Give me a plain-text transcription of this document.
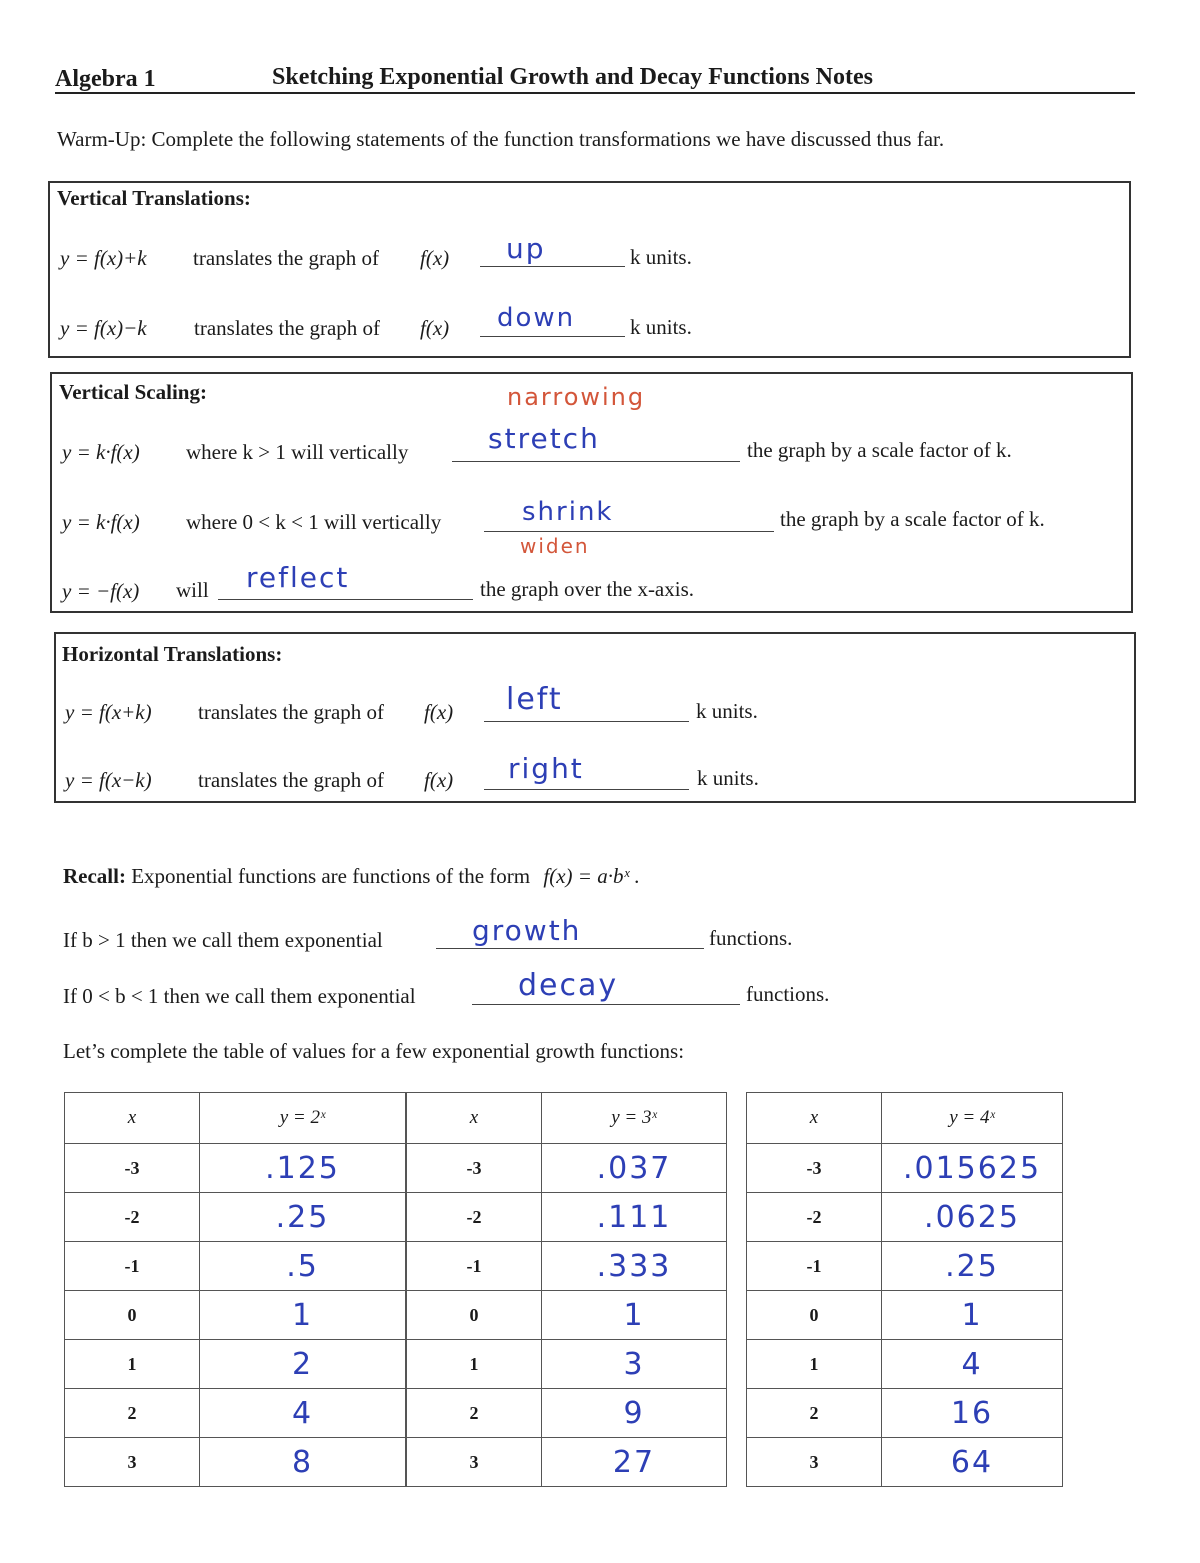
Algebra 1	Sketching Exponential Growth and Decay Functions Notes
Warm-Up: Complete the following statements of the function transformations we have discussed thus far.
Vertical Translations:
y = f(x)+k translates the graph of f(x) up	k units.
y = f(x)−k translates the graph of f(x) down	k units.
Vertical Scaling:	narrowing
y = k·f(x) where k > 1 will vertically	stretch	the graph by a scale factor of k.
y = k·f(x) where 0 < k < 1 will vertically	shrink
widen
the graph by a scale factor of k.
y = −f(x) will reflect	the graph over the x-axis.
Horizontal Translations:
y = f(x+k) translates the graph of f(x) left	k units.
y = f(x−k) translates the graph of f(x) right	k units.
Recall: Exponential functions are functions of the form f(x) = a·bˣ .
If b > 1 then we call them exponential	growth	functions.
If 0 < b < 1 then we call them exponential	decay	functions.
Let’s complete the table of values for a few exponential growth functions:
x	y = 2ˣ
-3	.125
-2	.25
-1	.5
0	1
1	2
2	4
3	8
x	y = 3ˣ
-3	.037
-2	.111
-1	.333
0	1
1	3
2	9
3	27
x	y = 4ˣ
-3	.015625
-2	.0625
-1	.25
0	1
1	4
2	16
3	64
